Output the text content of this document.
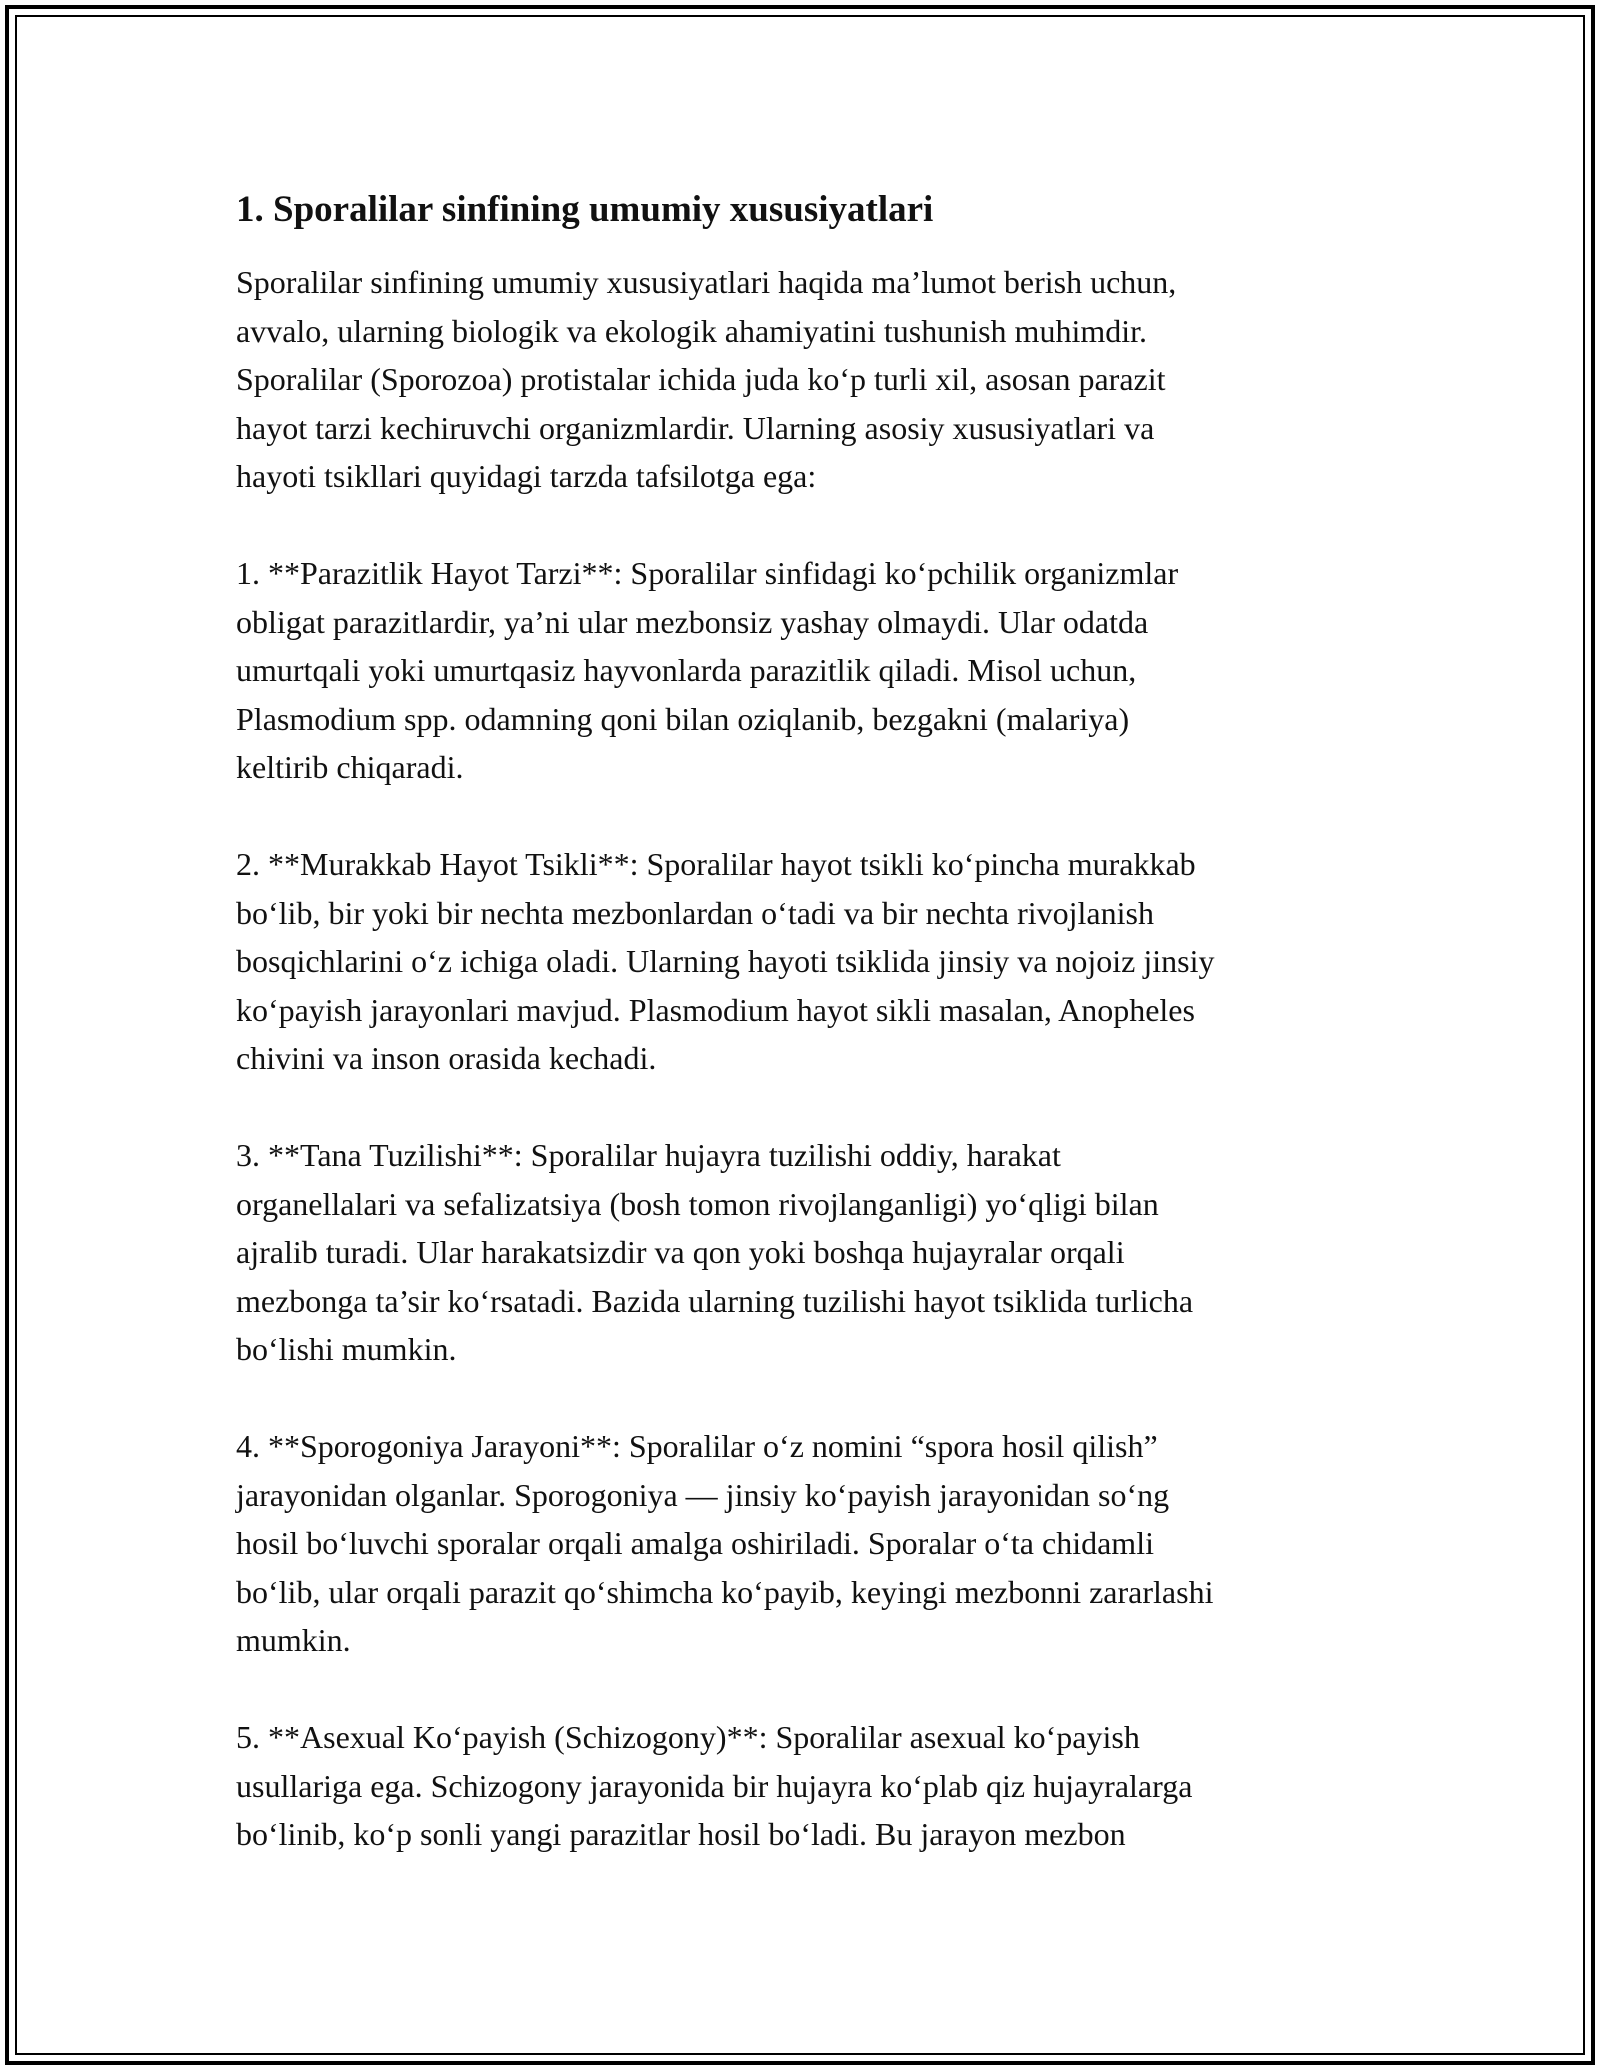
1. Sporalilar sinfining umumiy xususiyatlari

Sporalilar sinfining umumiy xususiyatlari haqida ma’lumot berish uchun,
avvalo, ularning biologik va ekologik ahamiyatini tushunish muhimdir.
Sporalilar (Sporozoa) protistalar ichida juda ko‘p turli xil, asosan parazit
hayot tarzi kechiruvchi organizmlardir. Ularning asosiy xususiyatlari va
hayoti tsikllari quyidagi tarzda tafsilotga ega:

1. **Parazitlik Hayot Tarzi**: Sporalilar sinfidagi ko‘pchilik organizmlar
obligat parazitlardir, ya’ni ular mezbonsiz yashay olmaydi. Ular odatda
umurtqali yoki umurtqasiz hayvonlarda parazitlik qiladi. Misol uchun,
Plasmodium spp. odamning qoni bilan oziqlanib, bezgakni (malariya)
keltirib chiqaradi.

2. **Murakkab Hayot Tsikli**: Sporalilar hayot tsikli ko‘pincha murakkab
bo‘lib, bir yoki bir nechta mezbonlardan o‘tadi va bir nechta rivojlanish
bosqichlarini o‘z ichiga oladi. Ularning hayoti tsiklida jinsiy va nojoiz jinsiy
ko‘payish jarayonlari mavjud. Plasmodium hayot sikli masalan, Anopheles
chivini va inson orasida kechadi.

3. **Tana Tuzilishi**: Sporalilar hujayra tuzilishi oddiy, harakat
organellalari va sefalizatsiya (bosh tomon rivojlanganligi) yo‘qligi bilan
ajralib turadi. Ular harakatsizdir va qon yoki boshqa hujayralar orqali
mezbonga ta’sir ko‘rsatadi. Bazida ularning tuzilishi hayot tsiklida turlicha
bo‘lishi mumkin.

4. **Sporogoniya Jarayoni**: Sporalilar o‘z nomini “spora hosil qilish”
jarayonidan olganlar. Sporogoniya — jinsiy ko‘payish jarayonidan so‘ng
hosil bo‘luvchi sporalar orqali amalga oshiriladi. Sporalar o‘ta chidamli
bo‘lib, ular orqali parazit qo‘shimcha ko‘payib, keyingi mezbonni zararlashi
mumkin.

5. **Asexual Ko‘payish (Schizogony)**: Sporalilar asexual ko‘payish
usullariga ega. Schizogony jarayonida bir hujayra ko‘plab qiz hujayralarga
bo‘linib, ko‘p sonli yangi parazitlar hosil bo‘ladi. Bu jarayon mezbon
